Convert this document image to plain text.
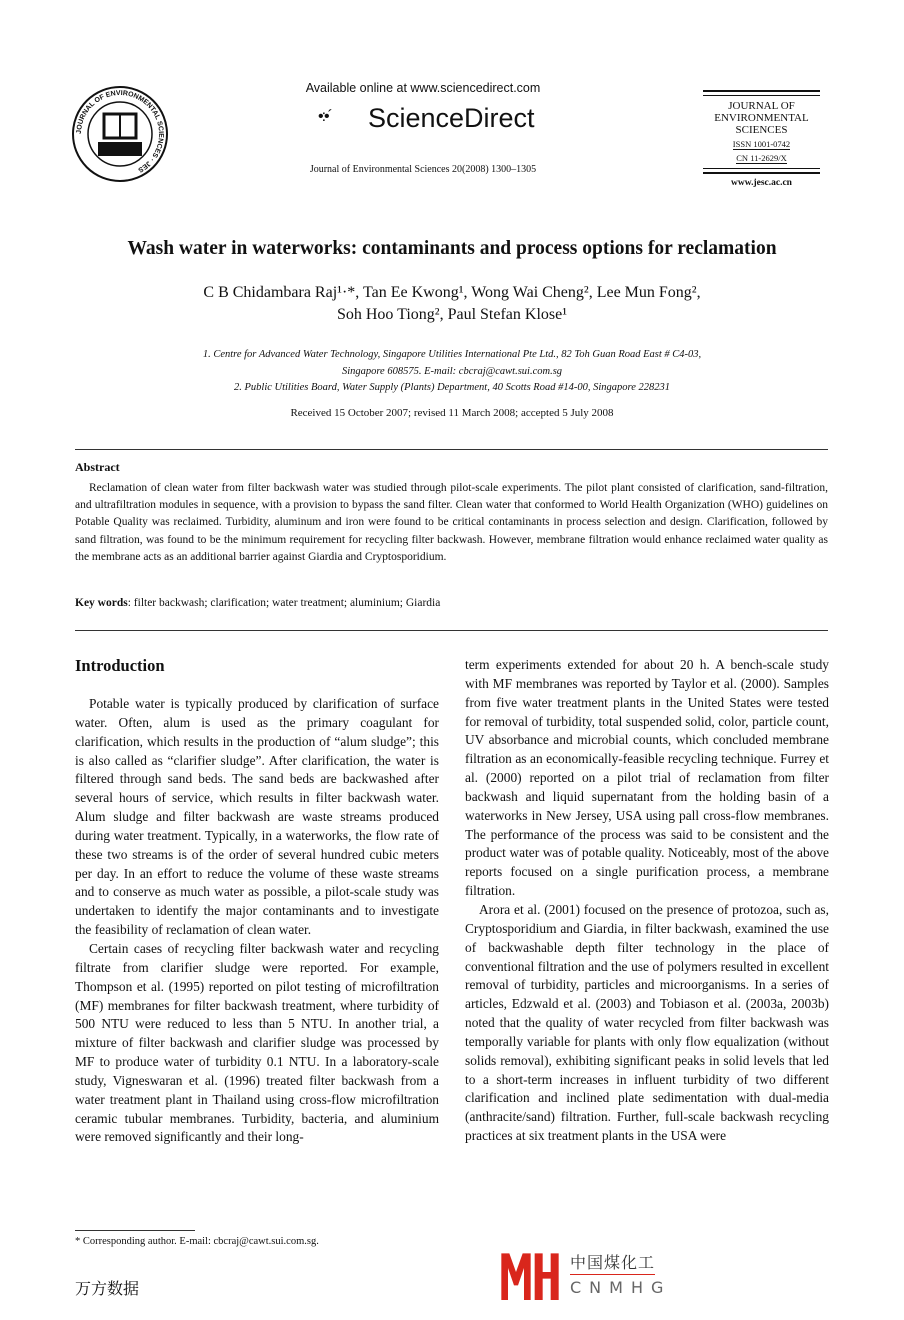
JOURNAL OF ENVIRONMENTAL SCIENCES · JES
Available online at www.sciencedirect.com
•:•´ ScienceDirect
Journal of Environmental Sciences 20(2008) 1300–1305
JOURNAL OF
ENVIRONMENTAL
SCIENCES
ISSN 1001-0742
CN 11-2629/X
www.jesc.ac.cn
Wash water in waterworks: contaminants and process options for reclamation
C B Chidambara Raj¹·*, Tan Ee Kwong¹, Wong Wai Cheng², Lee Mun Fong²,
Soh Hoo Tiong², Paul Stefan Klose¹
1. Centre for Advanced Water Technology, Singapore Utilities International Pte Ltd., 82 Toh Guan Road East # C4-03,
Singapore 608575. E-mail: cbcraj@cawt.sui.com.sg
2. Public Utilities Board, Water Supply (Plants) Department, 40 Scotts Road #14-00, Singapore 228231
Received 15 October 2007; revised 11 March 2008; accepted 5 July 2008
Abstract
Reclamation of clean water from filter backwash water was studied through pilot-scale experiments. The pilot plant consisted of clarification, sand-filtration, and ultrafiltration modules in sequence, with a provision to bypass the sand filter. Clean water that conformed to World Health Organization (WHO) guidelines on Potable Quality was reclaimed. Turbidity, aluminum and iron were found to be critical contaminants in process selection and design. Clarification, followed by sand filtration, was found to be the minimum requirement for recycling filter backwash. However, membrane filtration would enhance reclaimed water quality as the membrane acts as an additional barrier against Giardia and Cryptosporidium.
Key words: filter backwash; clarification; water treatment; aluminium; Giardia
Introduction

Potable water is typically produced by clarification of surface water. Often, alum is used as the primary coagulant for clarification, which results in the production of “alum sludge”; this is also called as “clarifier sludge”. After clarification, the water is filtered through sand beds. The sand beds are backwashed after several hours of service, which results in filter backwash water. Alum sludge and filter backwash are waste streams produced during water treatment. Typically, in a waterworks, the flow rate of these two streams is of the order of several hundred cubic meters per day. In an effort to reduce the volume of these waste streams and to conserve as much water as possible, a pilot-scale study was undertaken to identify the major contaminants and to investigate the feasibility of reclamation of clean water.

Certain cases of recycling filter backwash water and recycling filtrate from clarifier sludge were reported. For example, Thompson et al. (1995) reported on pilot testing of microfiltration (MF) membranes for filter backwash treatment, where turbidity of 500 NTU were reduced to less than 5 NTU. In another trial, a mixture of filter backwash and clarifier sludge was processed by MF to produce water of turbidity 0.1 NTU. In a laboratory-scale study, Vigneswaran et al. (1996) treated filter backwash from a water treatment plant in Thailand using cross-flow microfiltration ceramic tubular membranes. Turbidity, bacteria, and aluminium were removed significantly and their long-

term experiments extended for about 20 h. A bench-scale study with MF membranes was reported by Taylor et al. (2000). Samples from five water treatment plants in the United States were tested for removal of turbidity, total suspended solid, color, particle count, UV absorbance and microbial counts, which concluded membrane filtration as an economically-feasible recycling technique. Furrey et al. (2000) reported on a pilot trial of reclamation from filter backwash and liquid supernatant from the holding basin of a waterworks in New Jersey, USA using pall cross-flow membranes. The performance of the process was said to be consistent and the product water was of potable quality. Noticeably, most of the above reports focused on a single purification process, a membrane filtration.

Arora et al. (2001) focused on the presence of protozoa, such as, Cryptosporidium and Giardia, in filter backwash, examined the use of backwashable depth filter technology in the place of conventional filtration and the use of polymers resulted in excellent removal of turbidity, particles and microorganisms. In a series of articles, Edzwald et al. (2003) and Tobiason et al. (2003a, 2003b) noted that the quality of water recycled from filter backwash was temporally variable for plants with only flow equalization (without solids removal), exhibiting significant peaks in solid levels that led to a short-term increases in influent turbidity of two different clarification and inclined plate sedimentation with dual-media (anthracite/sand) filtration. Further, full-scale backwash recycling practices at six treatment plants in the USA were

* Corresponding author. E-mail: cbcraj@cawt.sui.com.sg.
万方数据
中国煤化工
CNMHG
